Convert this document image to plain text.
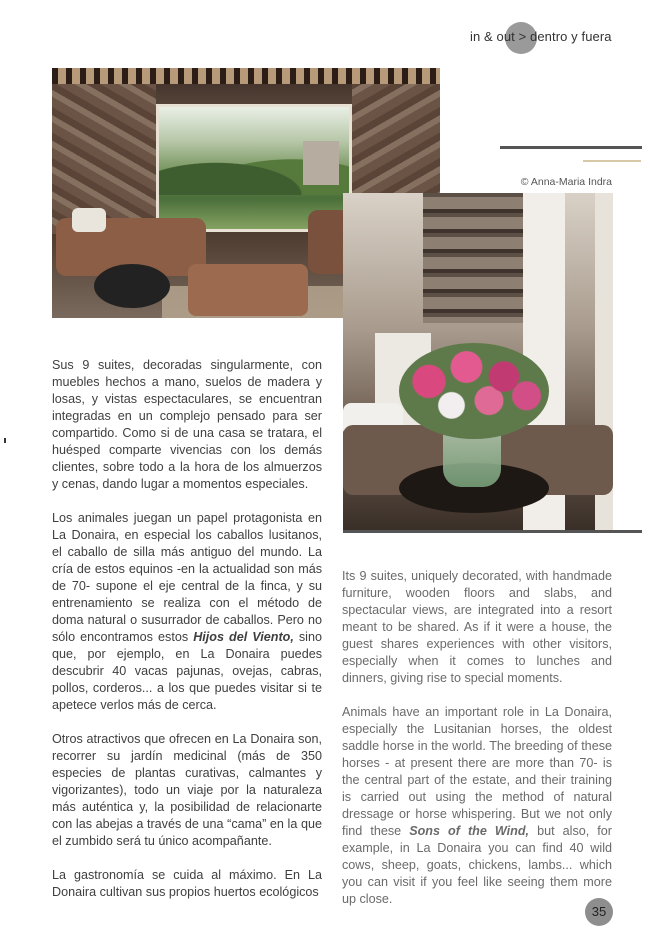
in & out > dentro y fuera
© Anna-Maria Indra

Sus 9 suites, decoradas singularmente, con muebles hechos a mano, suelos de madera y losas, y vistas espectaculares, se encuentran integradas en un complejo pensado para ser compartido. Como si de una casa se tratara, el huésped comparte vivencias con los demás clientes, sobre todo a la hora de los almuerzos y cenas, dando lugar a momentos especiales.

Los animales juegan un papel protagonista en La Donaira, en especial los caballos lusitanos, el caballo de silla más antiguo del mundo. La cría de estos equinos -en la actualidad son más de 70- supone el eje central de la finca, y su entrenamiento se realiza con el método de doma natural o susurrador de caballos. Pero no sólo encontramos estos Hijos del Viento, sino que, por ejemplo, en La Donaira puedes descubrir 40 vacas pajunas, ovejas, cabras, pollos, corderos... a los que puedes visitar si te apetece verlos más de cerca.

Otros atractivos que ofrecen en La Donaira son, recorrer su jardín medicinal (más de 350 especies de plantas curativas, calmantes y vigorizantes), todo un viaje por la naturaleza más auténtica y, la posibilidad de relacionarte con las abejas a través de una “cama” en la que el zumbido será tu único acompañante.

La gastronomía se cuida al máximo. En La Donaira cultivan sus propios huertos ecológicos

Its 9 suites, uniquely decorated, with handmade furniture, wooden floors and slabs, and spectacular views, are integrated into a resort meant to be shared. As if it were a house, the guest shares experiences with other visitors, especially when it comes to lunches and dinners, giving rise to special moments.

Animals have an important role in La Donaira, especially the Lusitanian horses, the oldest saddle horse in the world. The breeding of these horses - at present there are more than 70- is the central part of the estate, and their training is carried out using the method of natural dressage or horse whispering. But we not only find these Sons of the Wind, but also, for example, in La Donaira you can find 40 wild cows, sheep, goats, chickens, lambs... which you can visit if you feel like seeing them more up close.

35
